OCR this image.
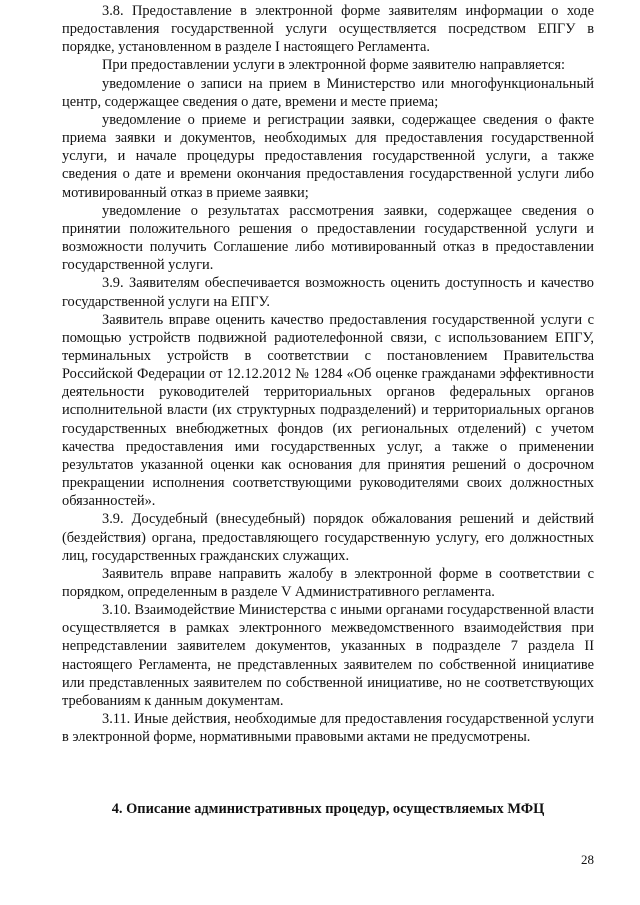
3.8. Предоставление в электронной форме заявителям информации о ходе предоставления государственной услуги осуществляется посредством ЕПГУ в порядке, установленном в разделе I настоящего Регламента.

При предоставлении услуги в электронной форме заявителю направляется:

уведомление о записи на прием в Министерство или многофункциональный центр, содержащее сведения о дате, времени и месте приема;

уведомление о приеме и регистрации заявки, содержащее сведения о факте приема заявки и документов, необходимых для предоставления государственной услуги, и начале процедуры предоставления государственной услуги, а также сведения о дате и времени окончания предоставления государственной услуги либо мотивированный отказ в приеме заявки;

уведомление о результатах рассмотрения заявки, содержащее сведения о принятии положительного решения о предоставлении государственной услуги и возможности получить Соглашение либо мотивированный отказ в предоставлении государственной услуги.

3.9. Заявителям обеспечивается возможность оценить доступность и качество государственной услуги на ЕПГУ.

Заявитель вправе оценить качество предоставления государственной услуги с помощью устройств подвижной радиотелефонной связи, с использованием ЕПГУ, терминальных устройств в соответствии с постановлением Правительства Российской Федерации от 12.12.2012 № 1284 «Об оценке гражданами эффективности деятельности руководителей территориальных органов федеральных органов исполнительной власти (их структурных подразделений) и территориальных органов государственных внебюджетных фондов (их региональных отделений) с учетом качества предоставления ими государственных услуг, а также о применении результатов указанной оценки как основания для принятия решений о досрочном прекращении исполнения соответствующими руководителями своих должностных обязанностей».

3.9. Досудебный (внесудебный) порядок обжалования решений и действий (бездействия) органа, предоставляющего государственную услугу, его должностных лиц, государственных гражданских служащих.

Заявитель вправе направить жалобу в электронной форме в соответствии с порядком, определенным в разделе V Административного регламента.

3.10. Взаимодействие Министерства с иными органами государственной власти осуществляется в рамках электронного межведомственного взаимодействия при непредставлении заявителем документов, указанных в подразделе 7 раздела II настоящего Регламента, не представленных заявителем по собственной инициативе или представленных заявителем по собственной инициативе, но не соответствующих требованиям к данным документам.

3.11. Иные действия, необходимые для предоставления государственной услуги в электронной форме, нормативными правовыми актами не предусмотрены.

4. Описание административных процедур, осуществляемых МФЦ
28
